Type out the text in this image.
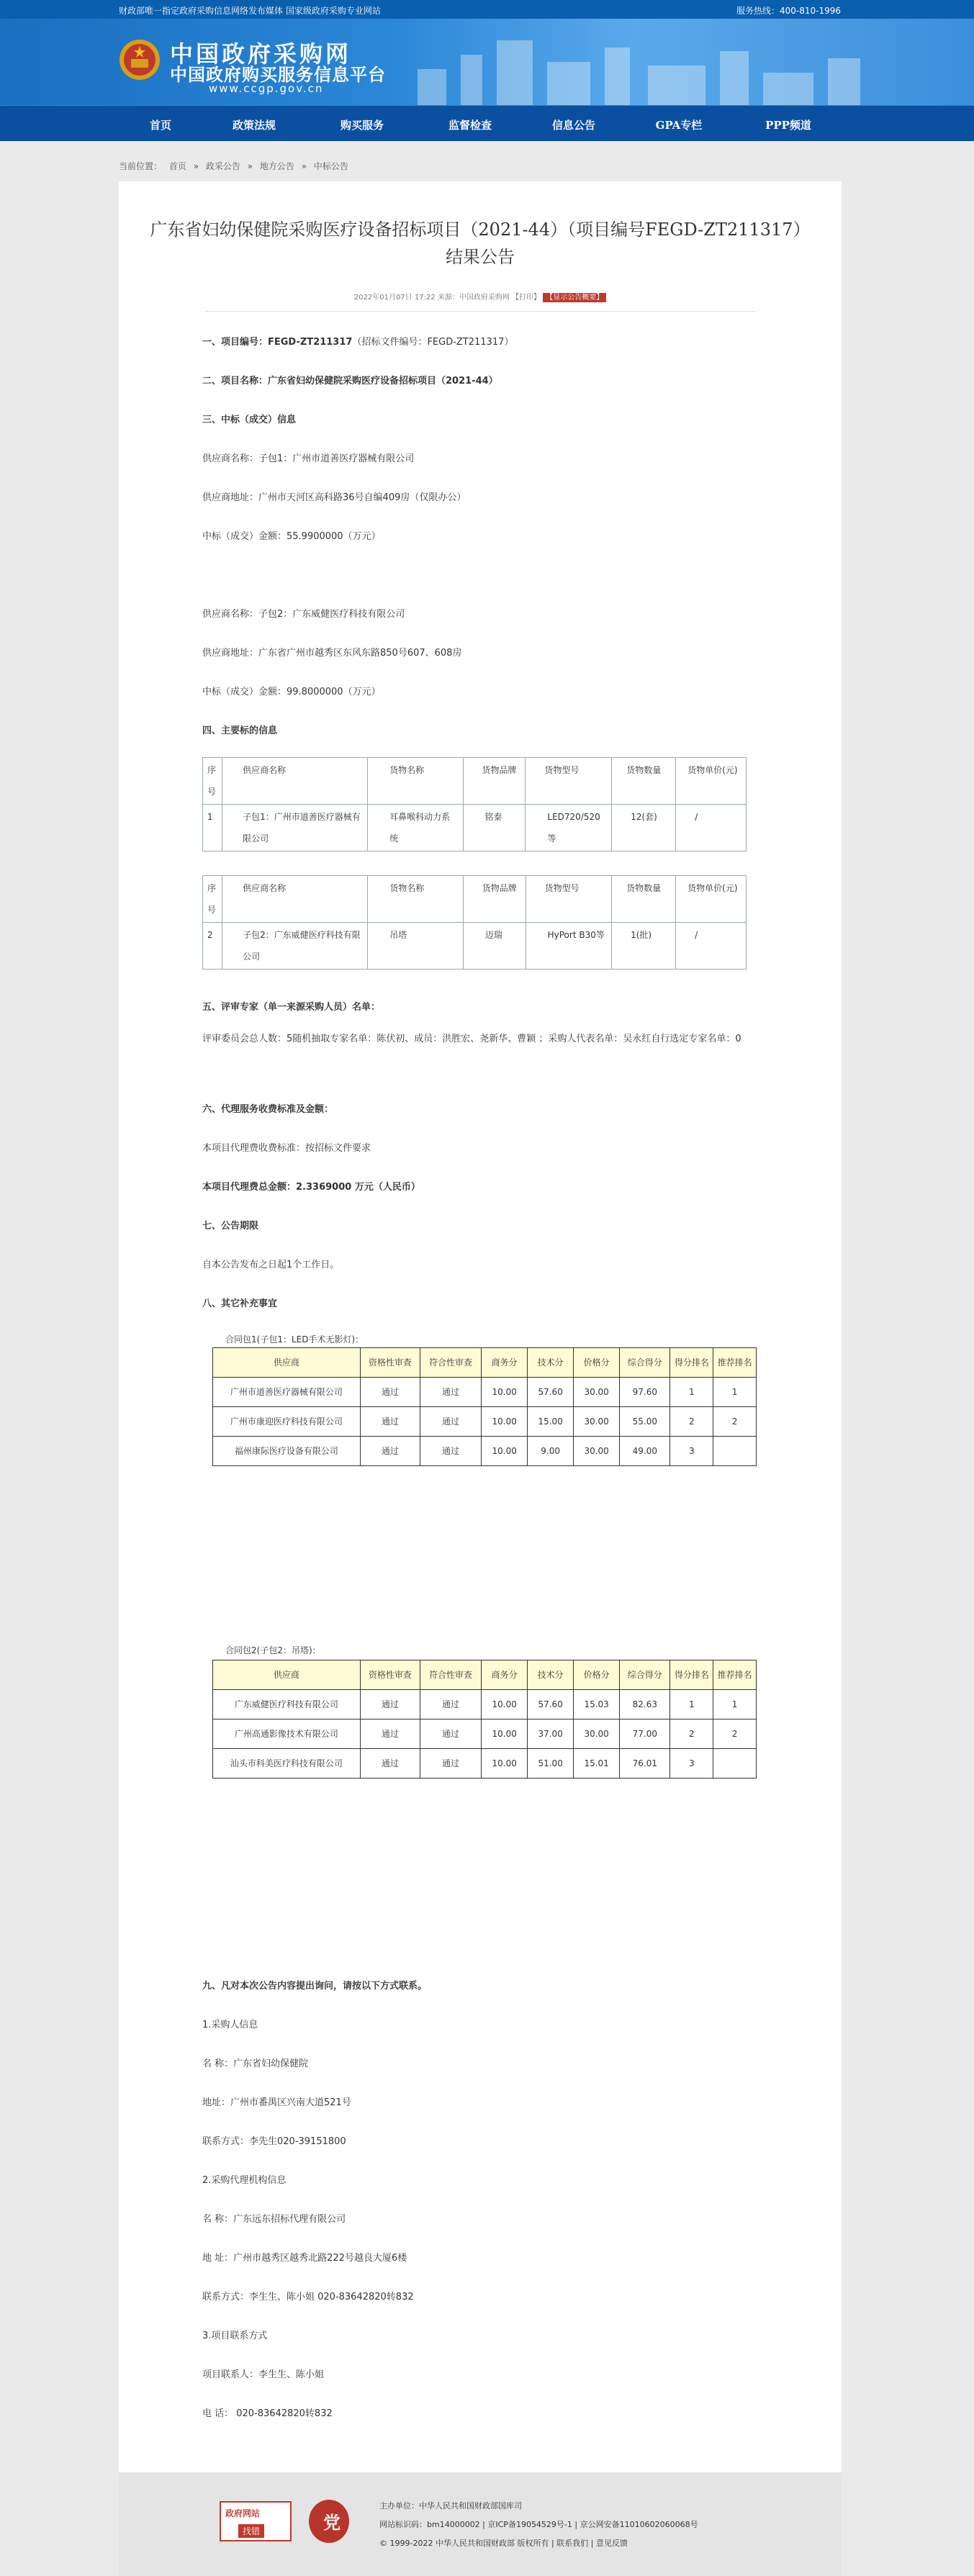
财政部唯一指定政府采购信息网络发布媒体 国家级政府采购专业网站	服务热线：400-810-1996
中国政府采购网
中国政府购买服务信息平台
www.ccgp.gov.cn
首页	政策法规	购买服务	监督检查	信息公告	GPA专栏	PPP频道
当前位置： 首页 » 政采公告 » 地方公告 » 中标公告
广东省妇幼保健院采购医疗设备招标项目（2021-44）（项目编号FEGD-ZT211317）
结果公告
2022年01月07日 17:22 来源：中国政府采购网 【打印】 【显示公告概要】
一、项目编号：FEGD-ZT211317（招标文件编号：FEGD-ZT211317）
二、项目名称：广东省妇幼保健院采购医疗设备招标项目（2021-44）
三、中标（成交）信息
供应商名称：子包1：广州市道善医疗器械有限公司
供应商地址：广州市天河区高科路36号自编409房（仅限办公）
中标（成交）金额：55.9900000（万元）
供应商名称：子包2：广东威健医疗科技有限公司
供应商地址：广东省广州市越秀区东风东路850号607、608房
中标（成交）金额：99.8000000（万元）
四、主要标的信息
序号	供应商名称	货物名称	货物品牌	货物型号	货物数量	货物单价(元)
1	子包1：广州市道善医疗器械有限公司	耳鼻喉科动力系统	铭泰	LED720/520等	12(套)	/
序号	供应商名称	货物名称	货物品牌	货物型号	货物数量	货物单价(元)
2	子包2：广东威健医疗科技有限公司	吊塔	迈瑞	HyPort B30等	1(批)	/
五、评审专家（单一来源采购人员）名单：
评审委员会总人数：5随机抽取专家名单：陈伏初、成员：洪胜宏、尧新华、曹颖 ；采购人代表名单：吴永红自行选定专家名单：0
六、代理服务收费标准及金额：
本项目代理费收费标准：按招标文件要求
本项目代理费总金额：2.3369000 万元（人民币）
七、公告期限
自本公告发布之日起1个工作日。
八、其它补充事宜
合同包1(子包1：LED手术无影灯)：
供应商	资格性审查	符合性审查	商务分	技术分	价格分	综合得分	得分排名	推荐排名
广州市道善医疗器械有限公司	通过	通过	10.00	57.60	30.00	97.60	1	1
广州市康迎医疗科技有限公司	通过	通过	10.00	15.00	30.00	55.00	2	2
福州康际医疗设备有限公司	通过	通过	10.00	9.00	30.00	49.00	3	
合同包2(子包2：吊塔)：
供应商	资格性审查	符合性审查	商务分	技术分	价格分	综合得分	得分排名	推荐排名
广东威健医疗科技有限公司	通过	通过	10.00	57.60	15.03	82.63	1	1
广州高通影像技术有限公司	通过	通过	10.00	37.00	30.00	77.00	2	2
汕头市科美医疗科技有限公司	通过	通过	10.00	51.00	15.01	76.01	3	
九、凡对本次公告内容提出询问，请按以下方式联系。
1.采购人信息
名 称：广东省妇幼保健院
地址：广州市番禺区兴南大道521号
联系方式：李先生020-39151800
2.采购代理机构信息
名 称：广东远东招标代理有限公司
地 址：广州市越秀区越秀北路222号越良大厦6楼
联系方式：李生生、陈小姐 020-83642820转832
3.项目联系方式
项目联系人：李生生、陈小姐
电 话： 020-83642820转832
政府网站
找错	党
主办单位：中华人民共和国财政部国库司
网站标识码：bm14000002 | 京ICP备19054529号-1 | 京公网安备11010602060068号
© 1999-2022 中华人民共和国财政部 版权所有 | 联系我们 | 意见反馈
